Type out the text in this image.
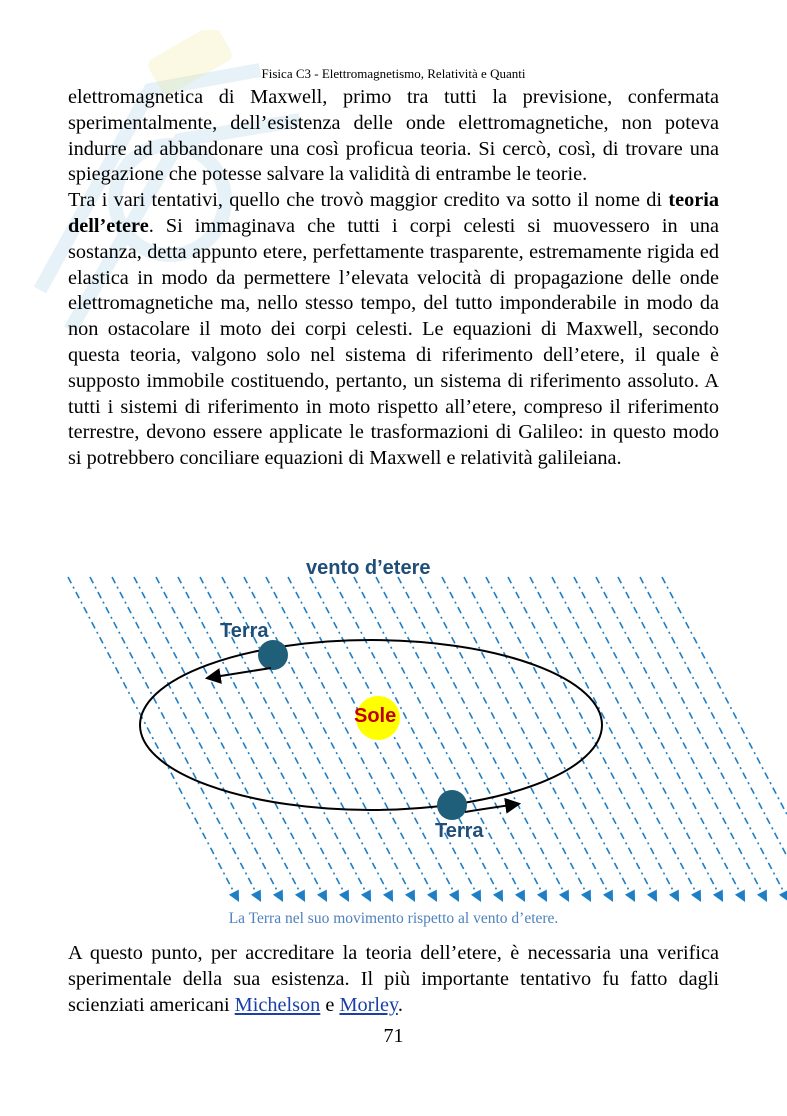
Fisica C3 - Elettromagnetismo, Relatività e Quanti

elettromagnetica di Maxwell, primo tra tutti la previsione, confermata sperimentalmente, dell’esistenza delle onde elettromagnetiche, non poteva indurre ad abbandonare una così proficua teoria. Si cercò, così, di trovare una spiegazione che potesse salvare la validità di entrambe le teorie.

Tra i vari tentativi, quello che trovò maggior credito va sotto il nome di teoria dell’etere. Si immaginava che tutti i corpi celesti si muovessero in una sostanza, detta appunto etere, perfettamente trasparente, estremamente rigida ed elastica in modo da permettere l’elevata velocità di propagazione delle onde elettromagnetiche ma, nello stesso tempo, del tutto imponderabile in modo da non ostacolare il moto dei corpi celesti. Le equazioni di Maxwell, secondo questa teoria, valgono solo nel sistema di riferimento dell’etere, il quale è supposto immobile costituendo, pertanto, un sistema di riferimento assoluto. A tutti i sistemi di riferimento in moto rispetto all’etere, compreso il riferimento terrestre, devono essere applicate le trasformazioni di Galileo: in questo modo si potrebbero conciliare equazioni di Maxwell e relatività galileiana.

vento d’etere
Terra
Terra
Sole
La Terra nel suo movimento rispetto al vento d’etere.
A questo punto, per accreditare la teoria dell’etere, è necessaria una verifica sperimentale della sua esistenza. Il più importante tentativo fu fatto dagli scienziati americani Michelson e Morley.
71
